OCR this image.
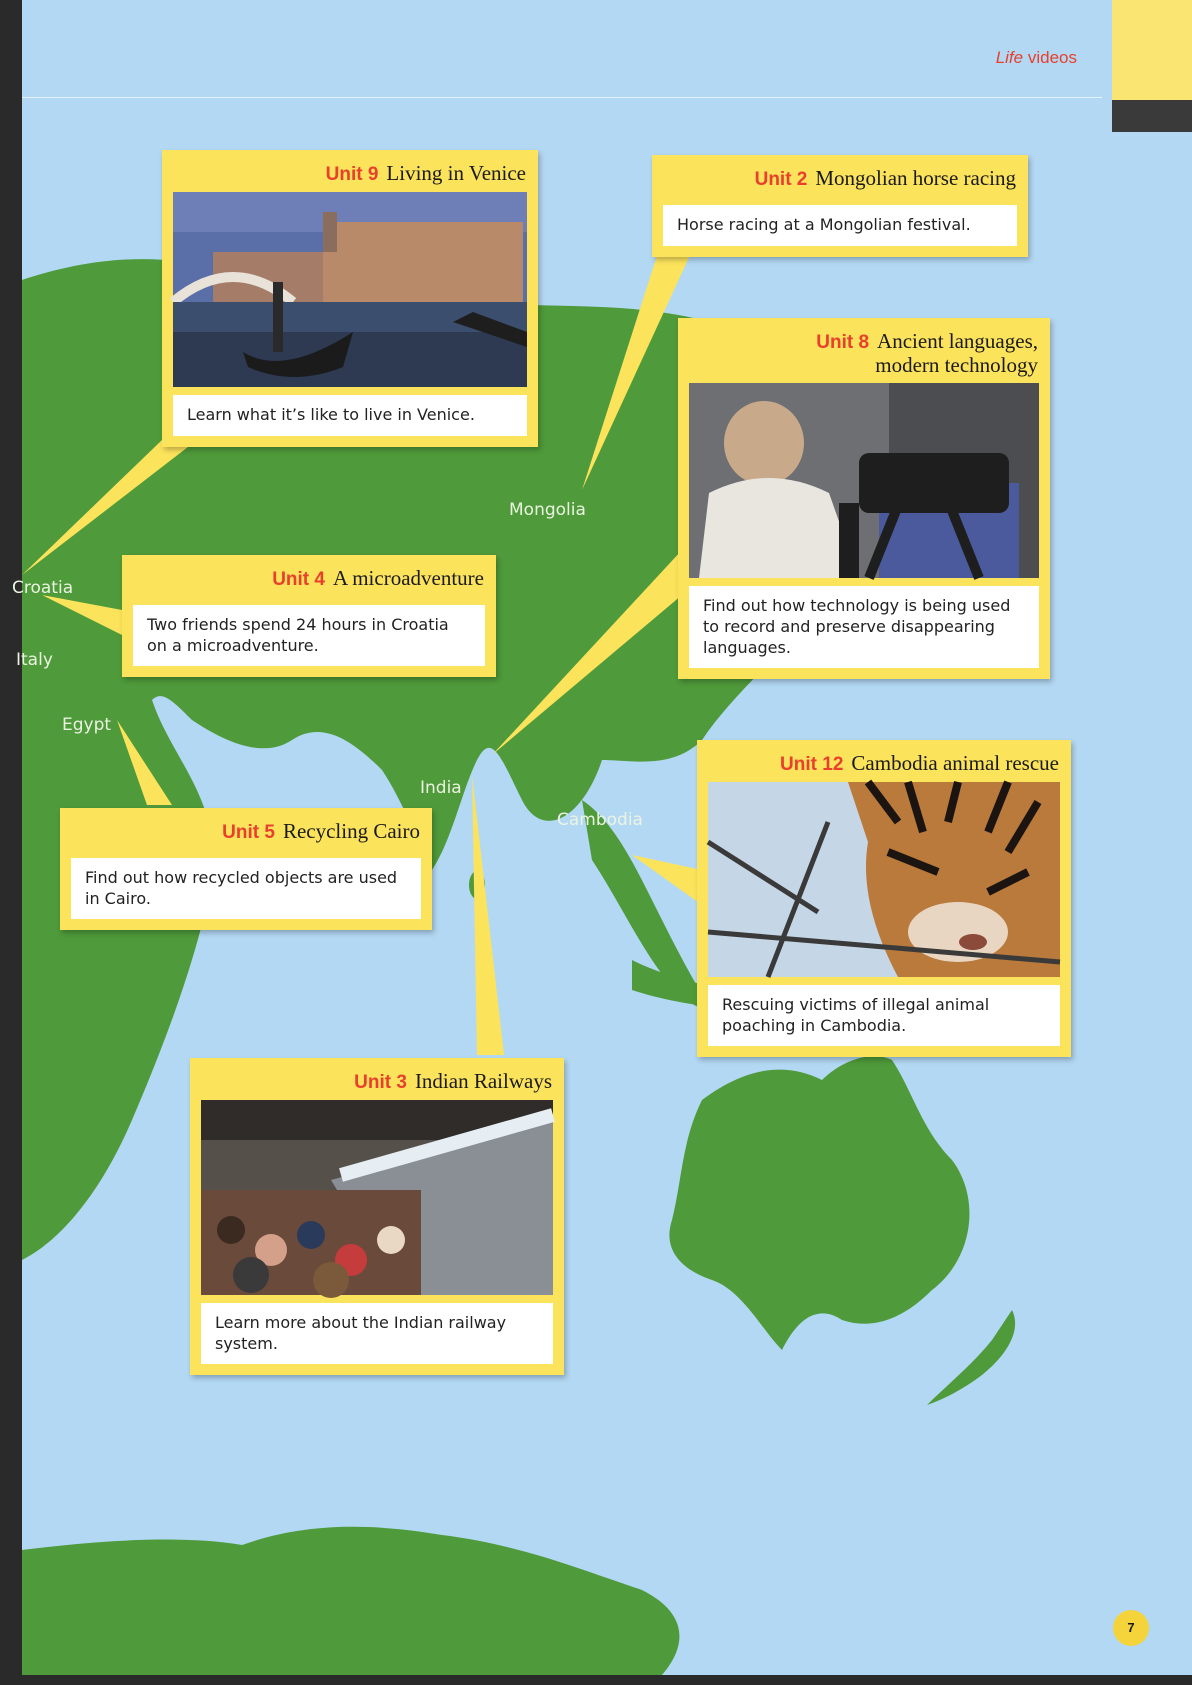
Life videos
Mongolia
Croatia
Italy
Egypt
India
Cambodia
Unit 9 Living in Venice
Learn what it’s like to live in Venice.
Unit 2 Mongolian horse racing
Horse racing at a Mongolian festival.
Unit 8 Ancient languages,
modern technology
Find out how technology is being used to record and preserve disappearing languages.
Unit 4 A microadventure
Two friends spend 24 hours in Croatia on a microadventure.
Unit 5 Recycling Cairo
Find out how recycled objects are used in Cairo.
Unit 12 Cambodia animal rescue
Rescuing victims of illegal animal poaching in Cambodia.
Unit 3 Indian Railways
Learn more about the Indian railway system.
7
